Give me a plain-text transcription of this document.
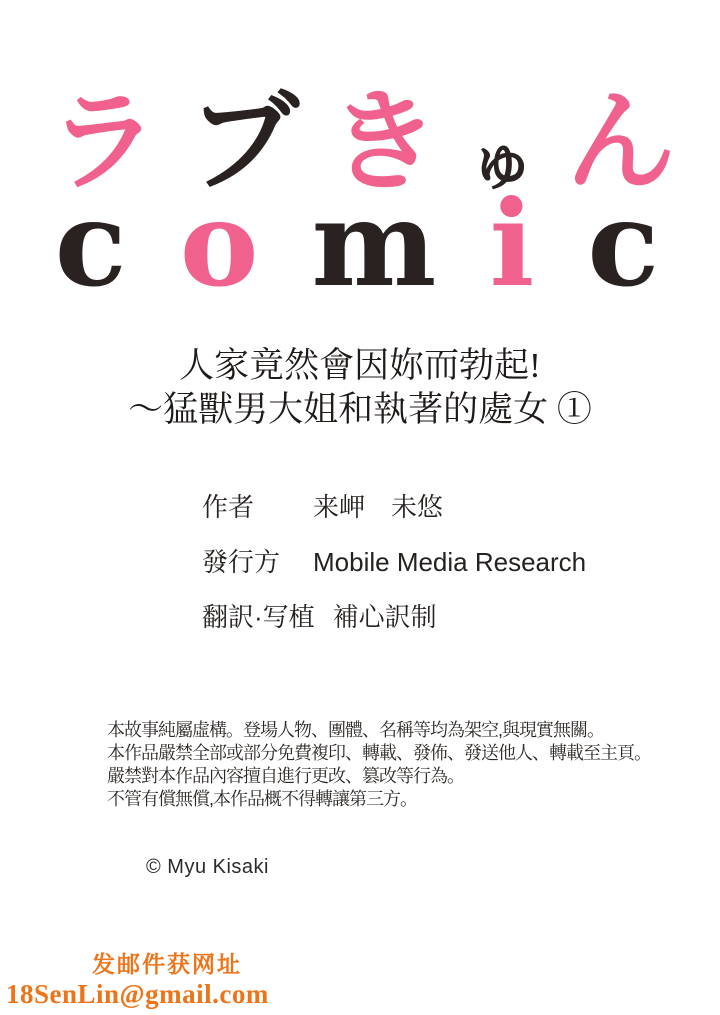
ラ ブ き ゅ ん
c o m i c
人家竟然會因妳而勃起!
～猛獸男大姐和執著的處女 ①
作者	来岬　未悠
發行方	Mobile Media Research
翻訳·写植 補心訳制
本故事純屬虛構。登場人物、團體、名稱等均為架空,與現實無關。
本作品嚴禁全部或部分免費複印、轉載、發佈、發送他人、轉載至主頁。
嚴禁對本作品內容擅自進行更改、篡改等行為。
不管有償無償,本作品概不得轉讓第三方。
© Myu Kisaki
发邮件获网址
18SenLin@gmail.com
